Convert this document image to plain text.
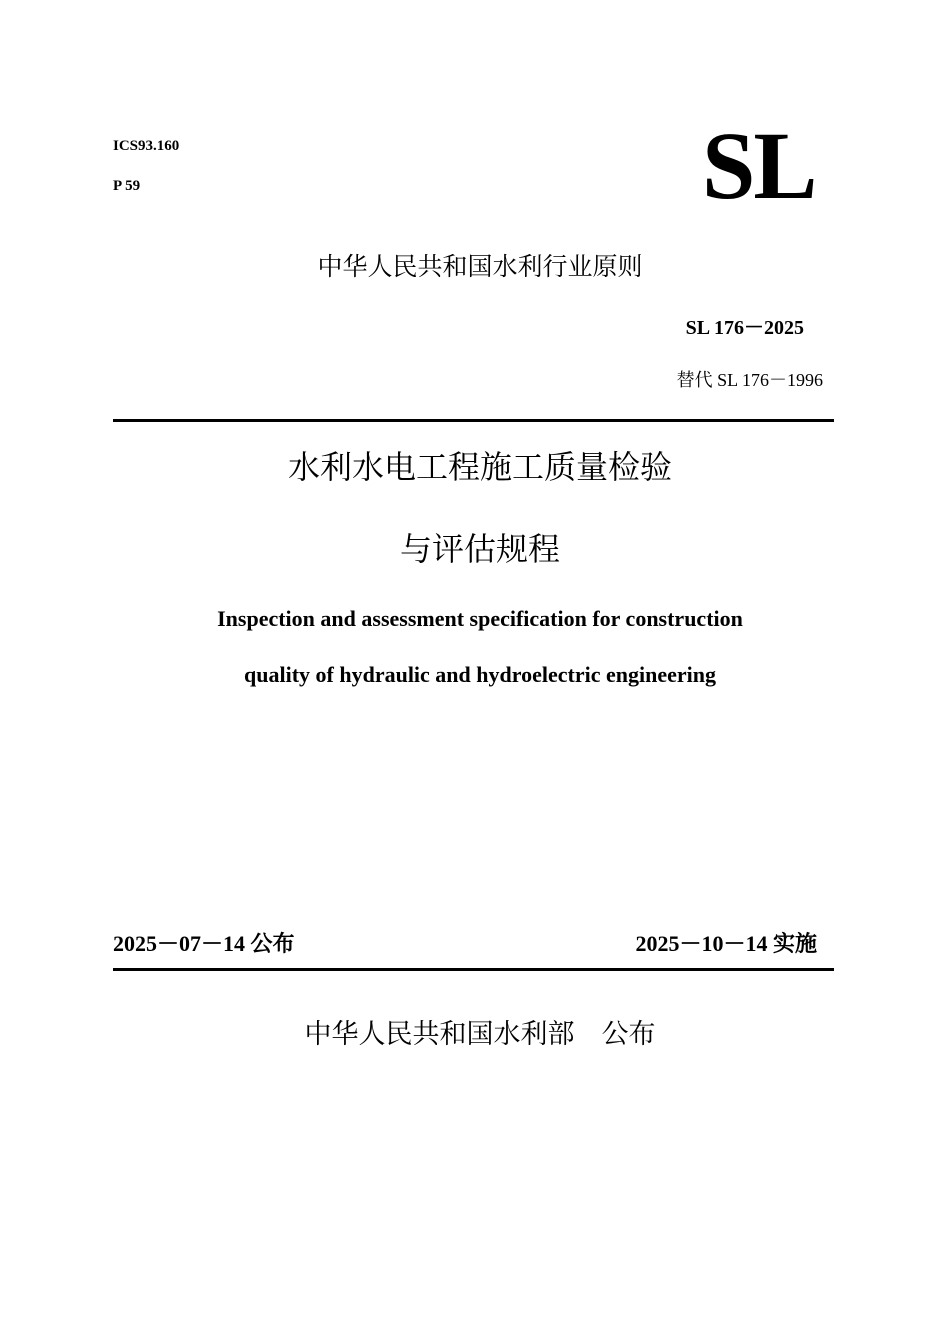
ICS93.160
P 59	SL
中华人民共和国水利行业原则
SL 176－2025
替代 SL 176－1996
水利水电工程施工质量检验
与评估规程
Inspection and assessment specification for construction
quality of hydraulic and hydroelectric engineering
2025－07－14 公布	2025－10－14 实施
中华人民共和国水利部　公布
